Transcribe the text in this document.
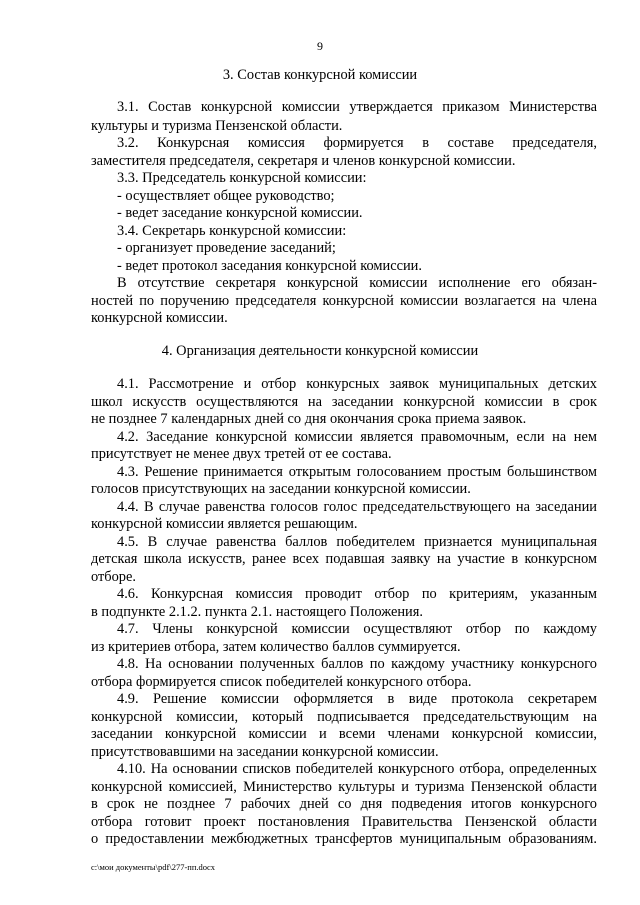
9
3. Состав конкурсной комиссии
3.1. Состав конкурсной комиссии утверждается приказом Министерства
культуры и туризма Пензенской области.
3.2. Конкурсная комиссия формируется в составе председателя,
заместителя председателя, секретаря и членов конкурсной комиссии.
3.3. Председатель конкурсной комиссии:
- осуществляет общее руководство;
- ведет заседание конкурсной комиссии.
3.4. Секретарь конкурсной комиссии:
- организует проведение заседаний;
- ведет протокол заседания конкурсной комиссии.
В отсутствие секретаря конкурсной комиссии исполнение его обязан-
ностей по поручению председателя конкурсной комиссии возлагается на члена
конкурсной комиссии.
4. Организация деятельности конкурсной комиссии
4.1. Рассмотрение и отбор конкурсных заявок муниципальных детских
школ искусств осуществляются на заседании конкурсной комиссии в срок
не позднее 7 календарных дней со дня окончания срока приема заявок.
4.2. Заседание конкурсной комиссии является правомочным, если на нем
присутствует не менее двух третей от ее состава.
4.3. Решение принимается открытым голосованием простым большинством
голосов присутствующих на заседании конкурсной комиссии.
4.4. В случае равенства голосов голос председательствующего на заседании
конкурсной комиссии является решающим.
4.5. В случае равенства баллов победителем признается муниципальная
детская школа искусств, ранее всех подавшая заявку на участие в конкурсном
отборе.
4.6. Конкурсная комиссия проводит отбор по критериям, указанным
в подпункте 2.1.2. пункта 2.1. настоящего Положения.
4.7. Члены конкурсной комиссии осуществляют отбор по каждому
из критериев отбора, затем количество баллов суммируется.
4.8. На основании полученных баллов по каждому участнику конкурсного
отбора формируется список победителей конкурсного отбора.
4.9. Решение комиссии оформляется в виде протокола секретарем
конкурсной комиссии, который подписывается председательствующим на
заседании конкурсной комиссии и всеми членами конкурсной комиссии,
присутствовавшими на заседании конкурсной комиссии.
4.10. На основании списков победителей конкурсного отбора, определенных
конкурсной комиссией, Министерство культуры и туризма Пензенской области
в срок не позднее 7 рабочих дней со дня подведения итогов конкурсного
отбора готовит проект постановления Правительства Пензенской области
о предоставлении межбюджетных трансфертов муниципальным образованиям.
c:\мои документы\pdf\277-пп.docx
